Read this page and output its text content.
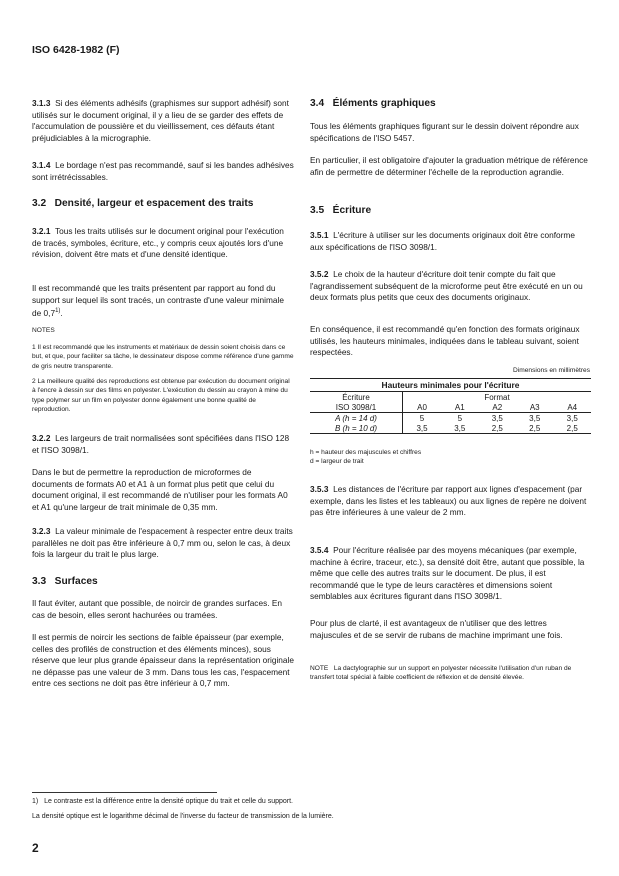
ISO 6428-1982 (F)

3.1.3 Si des éléments adhésifs (graphismes sur support adhésif) sont utilisés sur le document original, il y a lieu de se garder des effets de l'accumulation de poussière et du vieillissement, ces défauts étant préjudiciables à la micrographie.

3.1.4 Le bordage n'est pas recommandé, sauf si les bandes adhésives sont irrétrécissables.

3.2   Densité, largeur et espacement des traits

3.2.1 Tous les traits utilisés sur le document original pour l'exécution de tracés, symboles, écriture, etc., y compris ceux ajoutés lors d'une révision, doivent être mats et d'une densité identique.

Il est recommandé que les traits présentent par rapport au fond du support sur lequel ils sont tracés, un contraste d'une valeur minimale de 0,7$^{1)}$.

NOTES

1 Il est recommandé que les instruments et matériaux de dessin soient choisis dans ce but, et que, pour faciliter sa tâche, le dessinateur dispose comme référence d'une gamme de gris neutre transparente.

2 La meilleure qualité des reproductions est obtenue par exécution du document original à l'encre à dessin sur des films en polyester. L'exécution du dessin au crayon à mine du type polymer sur un film en polyester donne également une bonne qualité de reproduction.

3.2.2 Les largeurs de trait normalisées sont spécifiées dans l'ISO 128 et l'ISO 3098/1.

Dans le but de permettre la reproduction de microformes de documents de formats A0 et A1 à un format plus petit que celui du document original, il est recommandé de n'utiliser pour les formats A0 et A1 qu'une largeur de trait minimale de 0,35 mm.

3.2.3 La valeur minimale de l'espacement à respecter entre deux traits parallèles ne doit pas être inférieure à 0,7 mm ou, selon le cas, à deux fois la largeur du trait le plus large.

3.3   Surfaces

Il faut éviter, autant que possible, de noircir de grandes surfaces. En cas de besoin, elles seront hachurées ou tramées.

Il est permis de noircir les sections de faible épaisseur (par exemple, celles des profilés de construction et des éléments minces), sous réserve que leur plus grande épaisseur dans la représentation originale ne dépasse pas une valeur de 3 mm. Dans tous les cas, l'espacement entre ces sections ne doit pas être inférieur à 0,7 mm.

3.4   Éléments graphiques

Tous les éléments graphiques figurant sur le dessin doivent répondre aux spécifications de l'ISO 5457.

En particulier, il est obligatoire d'ajouter la graduation métrique de référence afin de permettre de déterminer l'échelle de la reproduction agrandie.

3.5   Écriture

3.5.1 L'écriture à utiliser sur les documents originaux doit être conforme aux spécifications de l'ISO 3098/1.

3.5.2 Le choix de la hauteur d'écriture doit tenir compte du fait que l'agrandissement subséquent de la microforme peut être exécuté en un ou deux formats plus petits que ceux des documents originaux.

En conséquence, il est recommandé qu'en fonction des formats originaux utilisés, les hauteurs minimales, indiquées dans le tableau suivant, soient respectées.

Dimensions en millimètres
Hauteurs minimales pour l'écriture					
Écriture	Format				
ISO 3098/1	A0	A1	A2	A3	A4
A (h = 14 d)	5	5	3,5	3,5	3,5
B (h = 10 d)	3,5	3,5	2,5	2,5	2,5

h = hauteur des majuscules et chiffres

d = largeur de trait

3.5.3 Les distances de l'écriture par rapport aux lignes d'espacement (par exemple, dans les listes et les tableaux) ou aux lignes de repère ne doivent pas être inférieures à une valeur de 2 mm.

3.5.4 Pour l'écriture réalisée par des moyens mécaniques (par exemple, machine à écrire, traceur, etc.), sa densité doit être, autant que possible, la même que celle des autres traits sur le document. De plus, il est recommandé que le type de leurs caractères et dimensions soient semblables aux écritures figurant dans l'ISO 3098/1.

Pour plus de clarté, il est avantageux de n'utiliser que des lettres majuscules et de se servir de rubans de machine imprimant une fois.

NOTE La dactylographie sur un support en polyester nécessite l'utilisation d'un ruban de transfert total spécial à faible coefficient de réflexion et de densité élevée.

1) Le contraste est la différence entre la densité optique du trait et celle du support.

La densité optique est le logarithme décimal de l'inverse du facteur de transmission de la lumière.

2
